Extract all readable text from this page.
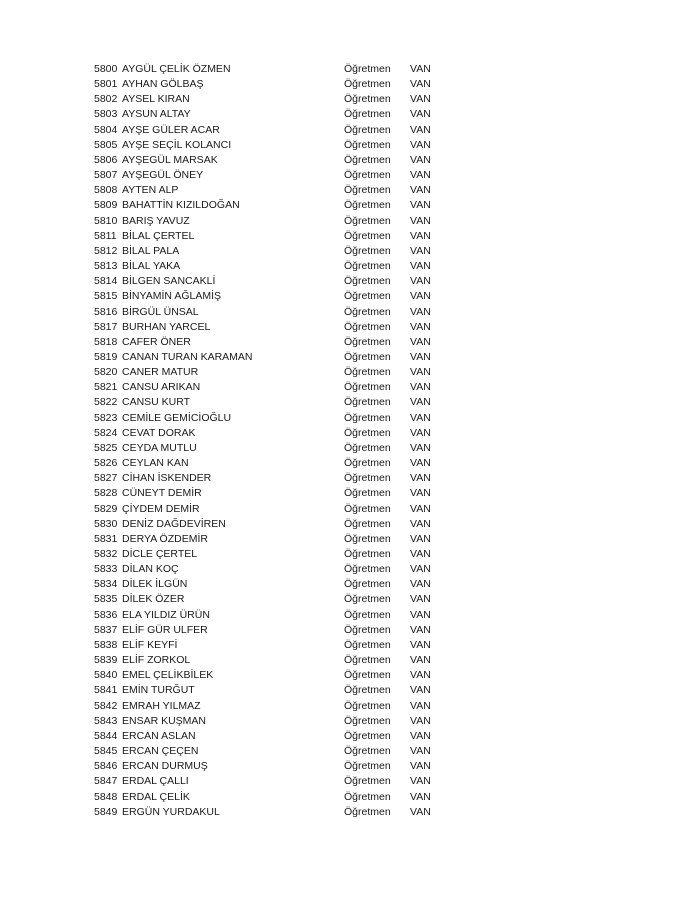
5800 AYGÜL ÇELİK ÖZMEN	Öğretmen VAN
5801 AYHAN GÖLBAŞ	Öğretmen VAN
5802 AYSEL KIRAN	Öğretmen VAN
5803 AYSUN ALTAY	Öğretmen VAN
5804 AYŞE GÜLER ACAR	Öğretmen VAN
5805 AYŞE SEÇİL KOLANCI	Öğretmen VAN
5806 AYŞEGÜL MARSAK	Öğretmen VAN
5807 AYŞEGÜL ÖNEY	Öğretmen VAN
5808 AYTEN ALP	Öğretmen VAN
5809 BAHATTİN KIZILDOĞAN	Öğretmen VAN
5810 BARIŞ YAVUZ	Öğretmen VAN
5811 BİLAL ÇERTEL	Öğretmen VAN
5812 BİLAL PALA	Öğretmen VAN
5813 BİLAL YAKA	Öğretmen VAN
5814 BİLGEN SANCAKLİ	Öğretmen VAN
5815 BİNYAMİN AĞLAMİŞ	Öğretmen VAN
5816 BİRGÜL ÜNSAL	Öğretmen VAN
5817 BURHAN YARCEL	Öğretmen VAN
5818 CAFER ÖNER	Öğretmen VAN
5819 CANAN TURAN KARAMAN	Öğretmen VAN
5820 CANER MATUR	Öğretmen VAN
5821 CANSU ARIKAN	Öğretmen VAN
5822 CANSU KURT	Öğretmen VAN
5823 CEMİLE GEMİCİOĞLU	Öğretmen VAN
5824 CEVAT DORAK	Öğretmen VAN
5825 CEYDA MUTLU	Öğretmen VAN
5826 CEYLAN KAN	Öğretmen VAN
5827 CİHAN İSKENDER	Öğretmen VAN
5828 CÜNEYT DEMİR	Öğretmen VAN
5829 ÇİYDEM DEMİR	Öğretmen VAN
5830 DENİZ DAĞDEVİREN	Öğretmen VAN
5831 DERYA ÖZDEMİR	Öğretmen VAN
5832 DİCLE ÇERTEL	Öğretmen VAN
5833 DİLAN KOÇ	Öğretmen VAN
5834 DİLEK İLGÜN	Öğretmen VAN
5835 DİLEK ÖZER	Öğretmen VAN
5836 ELA YILDIZ ÜRÜN	Öğretmen VAN
5837 ELİF GÜR ULFER	Öğretmen VAN
5838 ELİF KEYFİ	Öğretmen VAN
5839 ELİF ZORKOL	Öğretmen VAN
5840 EMEL ÇELİKBİLEK	Öğretmen VAN
5841 EMİN TURĞUT	Öğretmen VAN
5842 EMRAH YILMAZ	Öğretmen VAN
5843 ENSAR KUŞMAN	Öğretmen VAN
5844 ERCAN ASLAN	Öğretmen VAN
5845 ERCAN ÇEÇEN	Öğretmen VAN
5846 ERCAN DURMUŞ	Öğretmen VAN
5847 ERDAL ÇALLI	Öğretmen VAN
5848 ERDAL ÇELİK	Öğretmen VAN
5849 ERGÜN YURDAKUL	Öğretmen VAN
